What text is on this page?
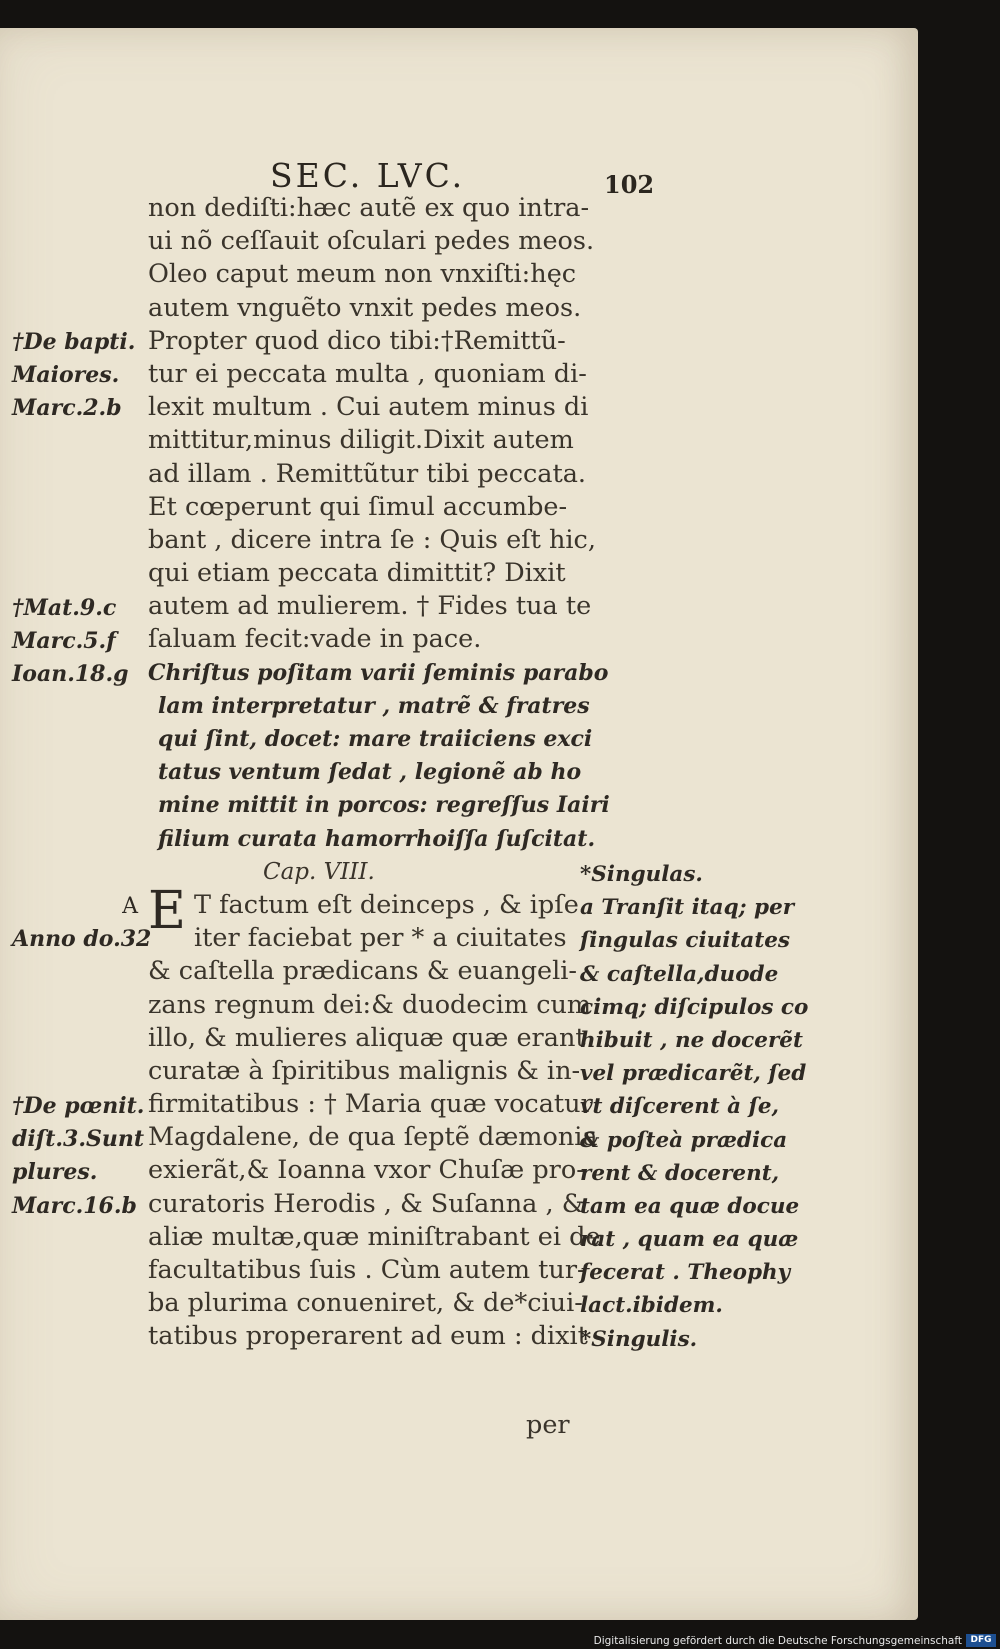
SEC. LVC.	102
non dediſti:hæc autẽ ex quo intra-
ui nõ ceſſauit oſculari pedes meos.
Oleo caput meum non vnxiſti:hęc
autem vnguẽto vnxit pedes meos.
Propter quod dico tibi:†Remittũ-
tur ei peccata multa , quoniam di-
lexit multum . Cui autem minus di
mittitur,minus diligit.Dixit autem
ad illam . Remittũtur tibi peccata.
Et cœperunt qui ſimul accumbe-
bant , dicere intra ſe : Quis eſt hic,
qui etiam peccata dimittit? Dixit
autem ad mulierem. † Fides tua te
ſaluam fecit:vade in pace.
Chriſtus poſitam varii ſeminis parabo
lam interpretatur , matrẽ & fratres
qui ſint, docet: mare traiiciens exci
tatus ventum ſedat , legionẽ ab ho
mine mittit in porcos: regreſſus Iairi
filium curata hamorrhoiſſa ſuſcitat.
Cap. VIII.
E T factum eſt deinceps , & ipſe
iter faciebat per * a ciuitates
& caſtella prædicans & euangeli-
zans regnum dei:& duodecim cum
illo, & mulieres aliquæ quæ erant
curatæ à ſpiritibus malignis & in-
firmitatibus : † Maria quæ vocatur
Magdalene, de qua ſeptẽ dæmonia
exierãt,& Ioanna vxor Chuſæ pro-
curatoris Herodis , & Suſanna , &
aliæ multæ,quæ miniſtrabant ei de
facultatibus ſuis . Cùm autem tur-
ba plurima conueniret, & de*ciui-
tatibus properarent ad eum : dixit
per
†De bapti.
Maiores.
Marc.2.b
†Mat.9.c
Marc.5.f
Ioan.18.g
A
Anno do.32
†De pœnit.
diſt.3.Sunt
plures.
Marc.16.b
*Singulas.
a Tranſit itaq; per
ſingulas ciuitates
& caſtella,duode
cimq; diſcipulos co
hibuit , ne docerẽt
vel prædicarẽt, ſed
vt diſcerent à ſe,
& poſteà prædica
rent & docerent,
tam ea quæ docue
rat , quam ea quæ
fecerat . Theophy
lact.ibidem.
*Singulis.
Digitalisierung gefördert durch die Deutsche Forschungsgemeinschaft DFG
